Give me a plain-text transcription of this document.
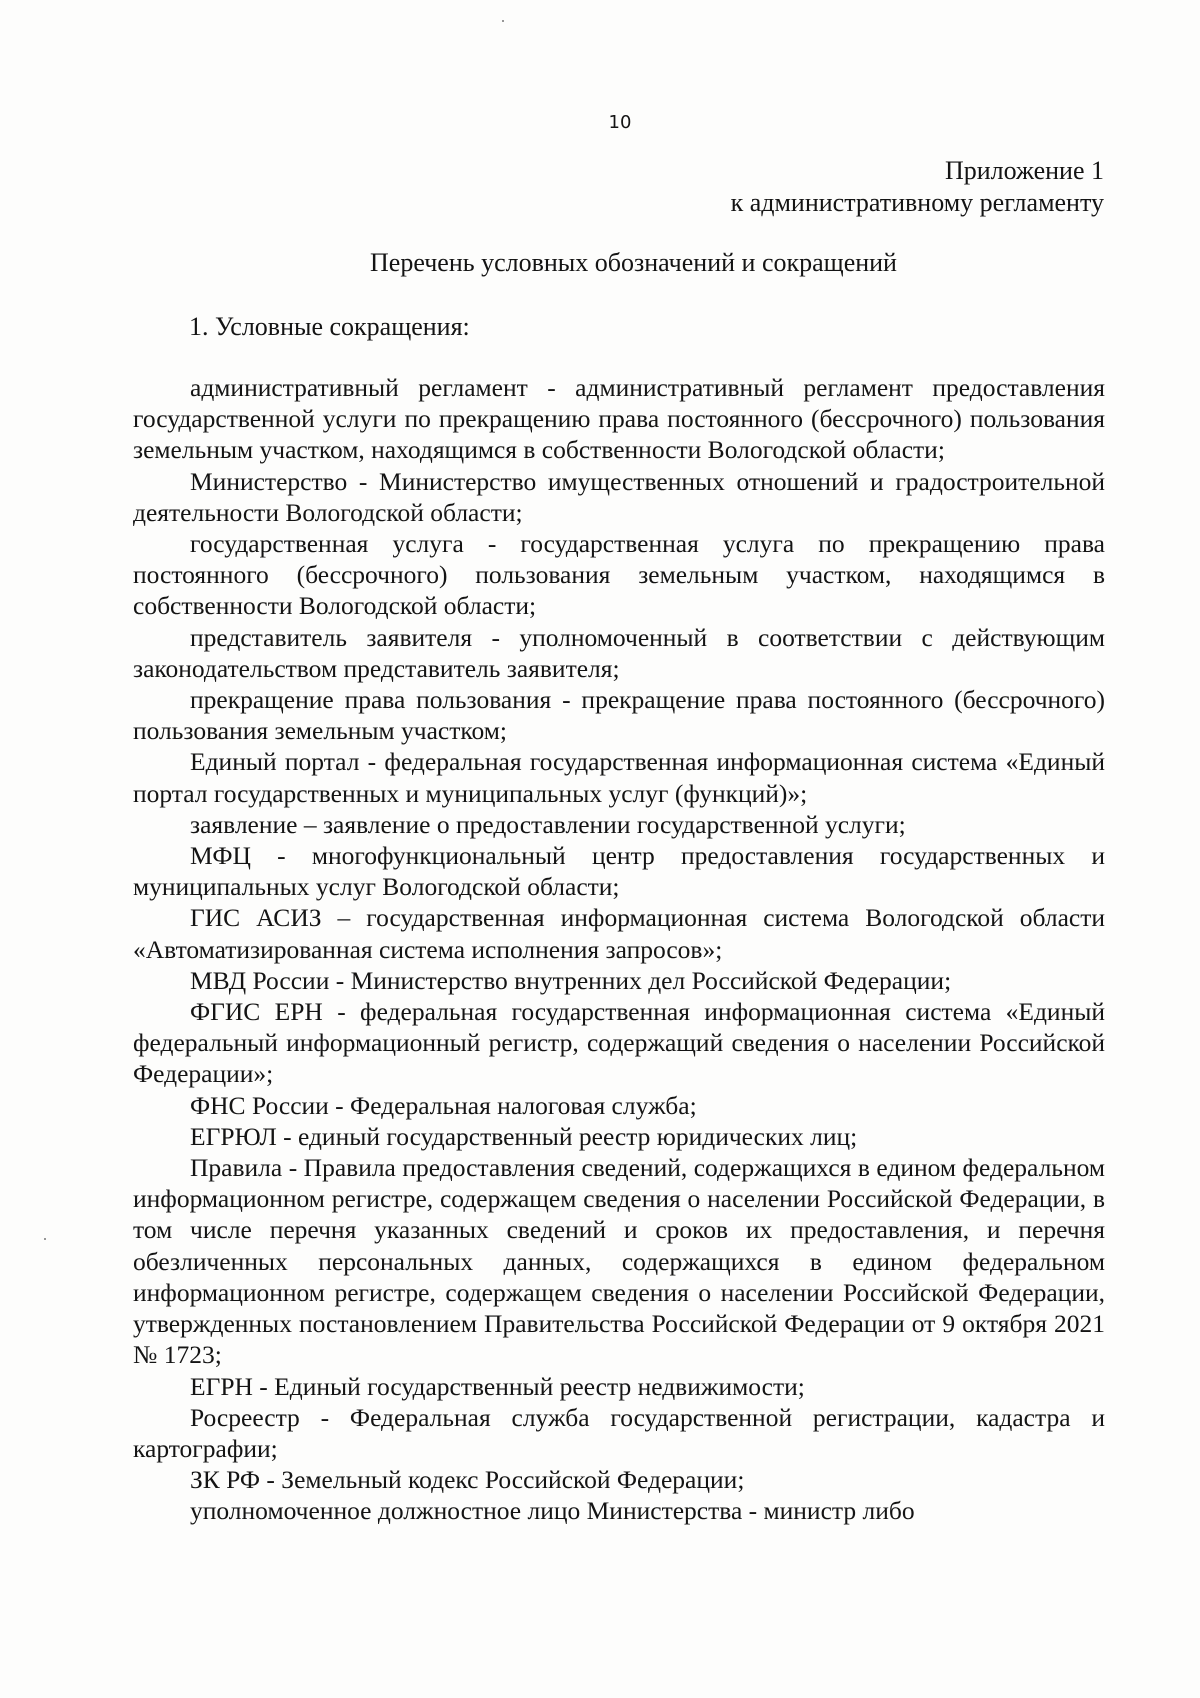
10
Приложение 1
к административному регламенту
Перечень условных обозначений и сокращений
1. Условные сокращения:

административный регламент - административный регламент предоставления государственной услуги по прекращению права постоянного (бессрочного) пользования земельным участком, находящимся в собственности Вологодской области;

Министерство - Министерство имущественных отношений и градостроительной деятельности Вологодской области;

государственная услуга - государственная услуга по прекращению права постоянного (бессрочного) пользования земельным участком, находящимся в собственности Вологодской области;

представитель заявителя - уполномоченный в соответствии с действующим законодательством представитель заявителя;

прекращение права пользования - прекращение права постоянного (бессрочного) пользования земельным участком;

Единый портал - федеральная государственная информационная система «Единый портал государственных и муниципальных услуг (функций)»;

заявление – заявление о предоставлении государственной услуги;

МФЦ - многофункциональный центр предоставления государственных и муниципальных услуг Вологодской области;

ГИС АСИЗ – государственная информационная система Вологодской области «Автоматизированная система исполнения запросов»;

МВД России - Министерство внутренних дел Российской Федерации;

ФГИС ЕРН - федеральная государственная информационная система «Единый федеральный информационный регистр, содержащий сведения о населении Российской Федерации»;

ФНС России - Федеральная налоговая служба;

ЕГРЮЛ - единый государственный реестр юридических лиц;

Правила - Правила предоставления сведений, содержащихся в едином федеральном информационном регистре, содержащем сведения о населении Российской Федерации, в том числе перечня указанных сведений и сроков их предоставления, и перечня обезличенных персональных данных, содержащихся в едином федеральном информационном регистре, содержащем сведения о населении Российской Федерации, утвержденных постановлением Правительства Российской Федерации от 9 октября 2021 № 1723;

ЕГРН - Единый государственный реестр недвижимости;

Росреестр - Федеральная служба государственной регистрации, кадастра и картографии;

ЗК РФ - Земельный кодекс Российской Федерации;

уполномоченное должностное лицо Министерства - министр либо
